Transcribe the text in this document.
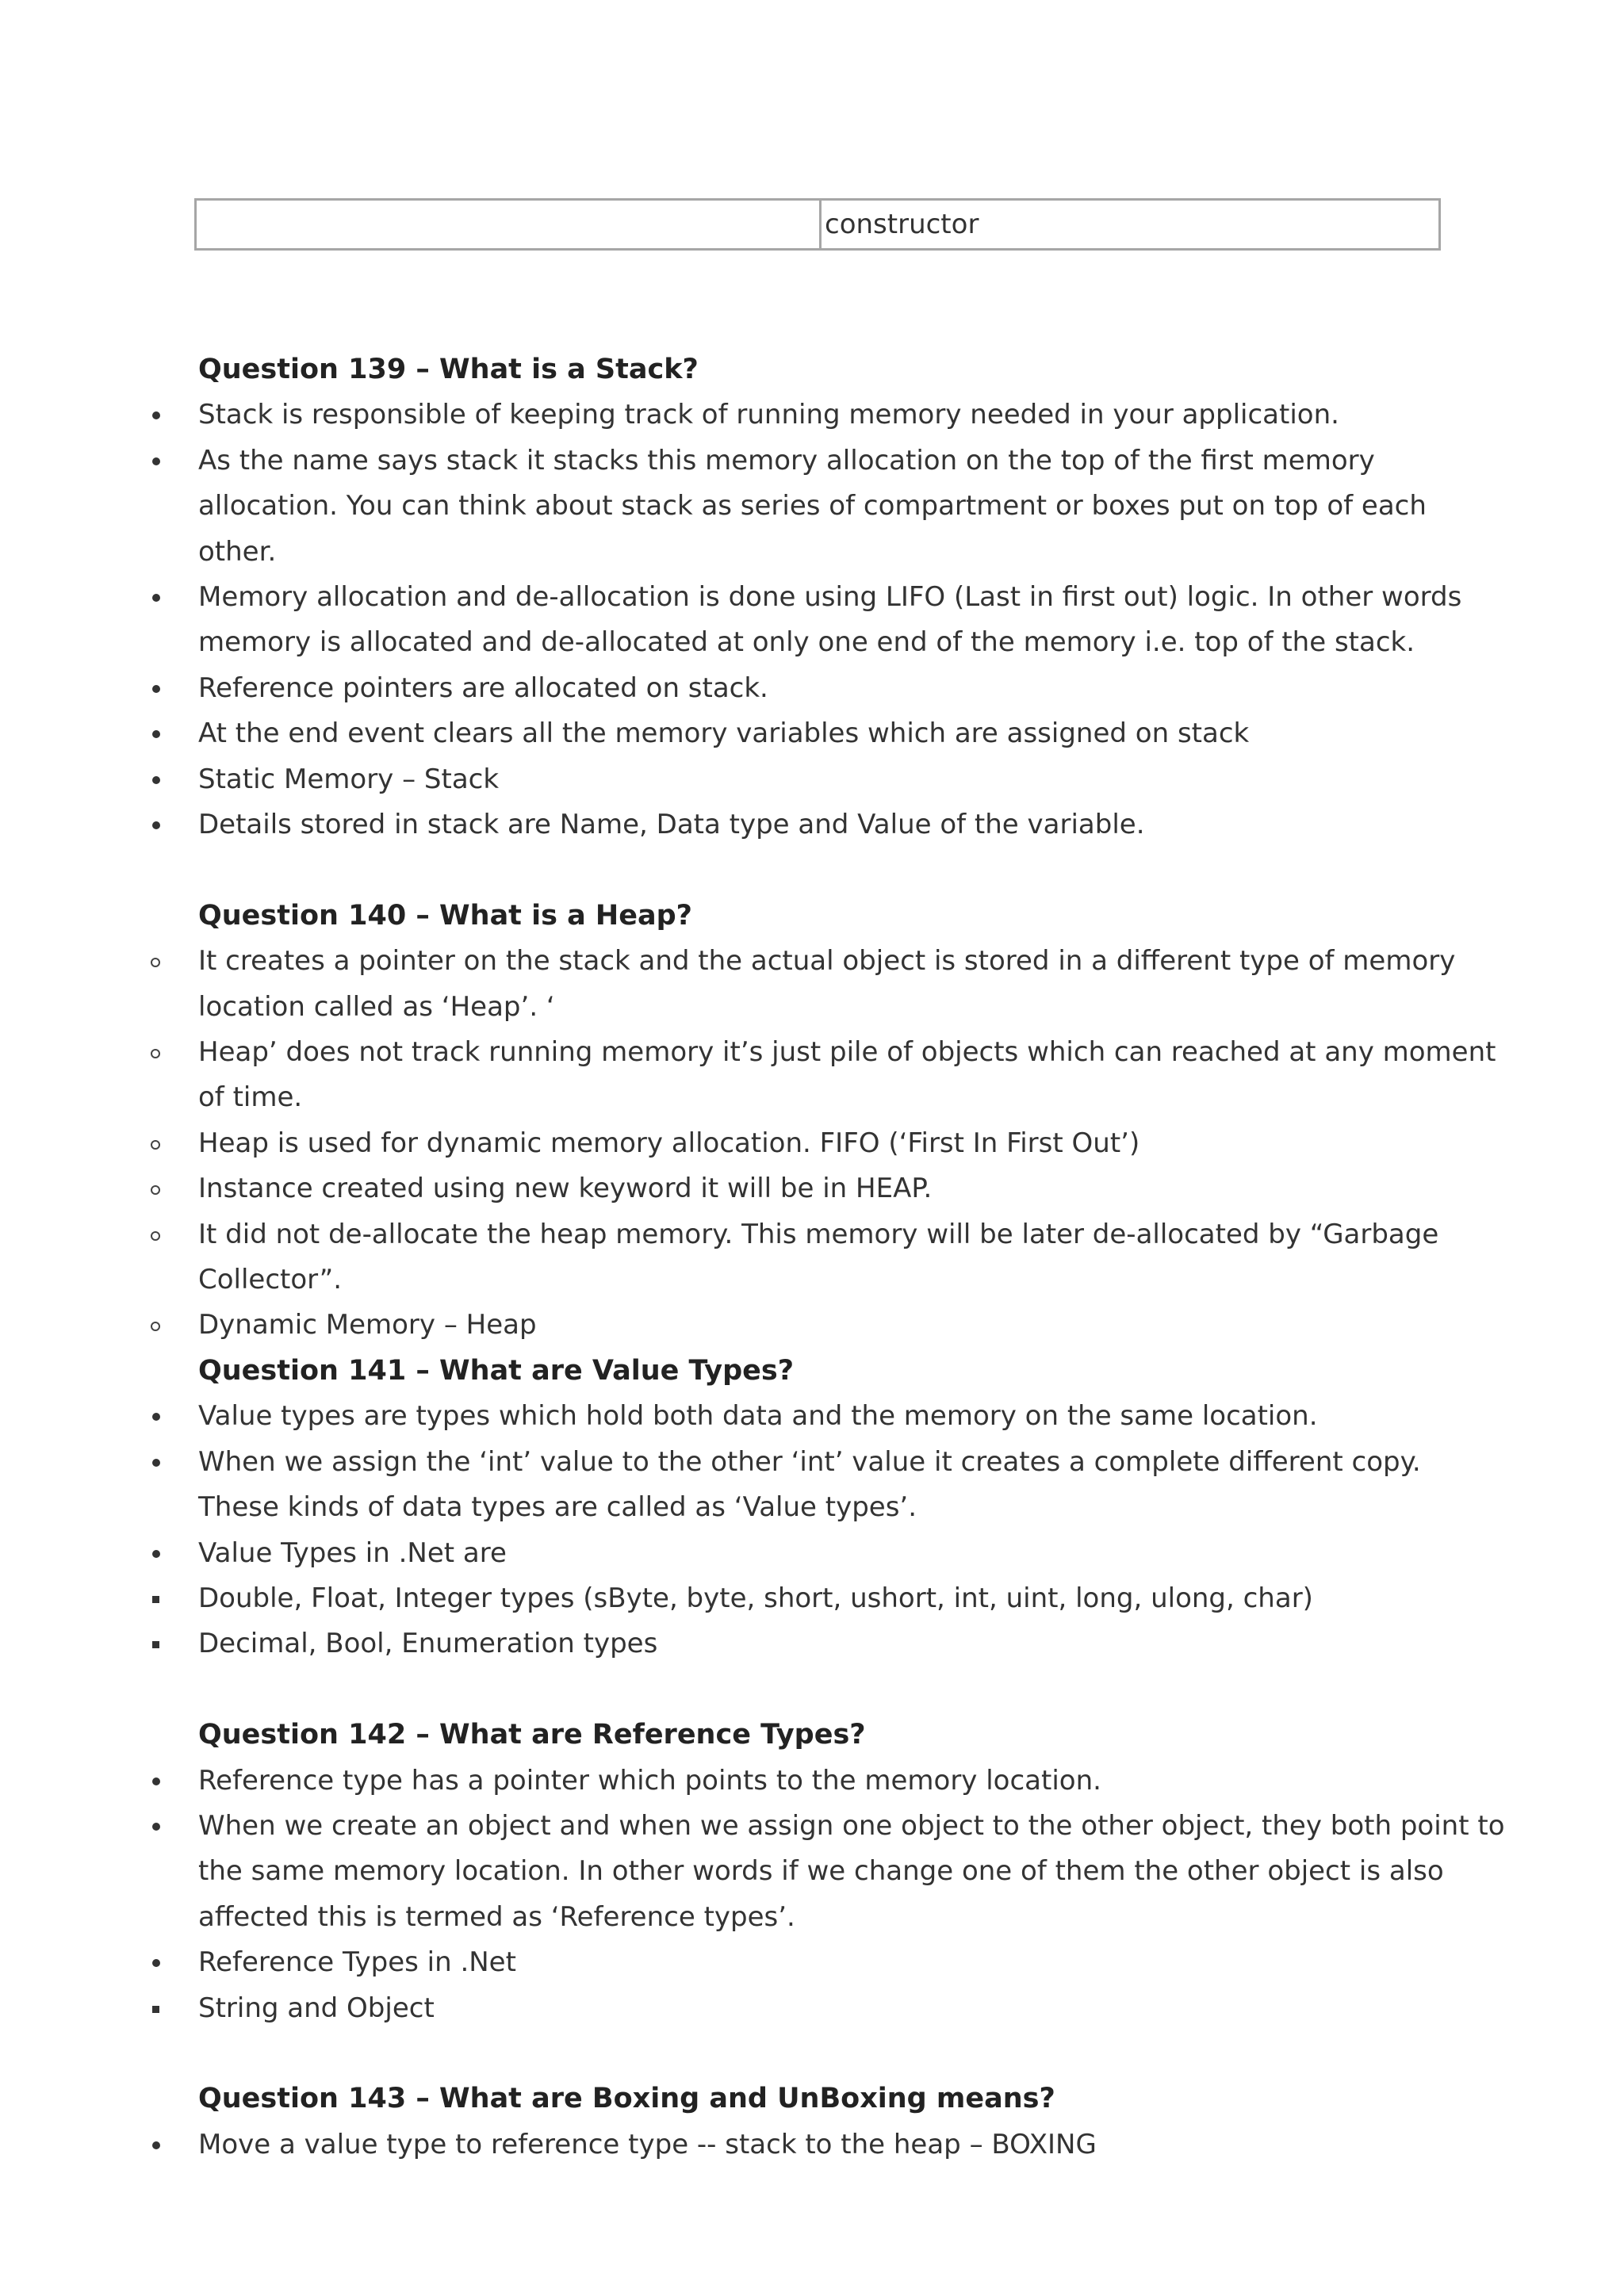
constructor
Question 139 – What is a Stack?
Stack is responsible of keeping track of running memory needed in your application.
As the name says stack it stacks this memory allocation on the top of the first memory allocation. You can think about stack as series of compartment or boxes put on top of each other.
Memory allocation and de-allocation is done using LIFO (Last in first out) logic. In other words memory is allocated and de-allocated at only one end of the memory i.e. top of the stack.
Reference pointers are allocated on stack.
At the end event clears all the memory variables which are assigned on stack
Static Memory – Stack
Details stored in stack are Name, Data type and Value of the variable.
Question 140 – What is a Heap?
It creates a pointer on the stack and the actual object is stored in a different type of memory location called as ‘Heap’. ‘
Heap’ does not track running memory it’s just pile of objects which can reached at any moment of time.
Heap is used for dynamic memory allocation. FIFO (‘First In First Out’)
Instance created using new keyword it will be in HEAP.
It did not de-allocate the heap memory. This memory will be later de-allocated by “Garbage Collector”.
Dynamic Memory – Heap
Question 141 – What are Value Types?
Value types are types which hold both data and the memory on the same location.
When we assign the ‘int’ value to the other ‘int’ value it creates a complete different copy. These kinds of data types are called as ‘Value types’.
Value Types in .Net are
Double, Float, Integer types (sByte, byte, short, ushort, int, uint, long, ulong, char)
Decimal, Bool, Enumeration types
Question 142 – What are Reference Types?
Reference type has a pointer which points to the memory location.
When we create an object and when we assign one object to the other object, they both point to the same memory location. In other words if we change one of them the other object is also affected this is termed as ‘Reference types’.
Reference Types in .Net
String and Object
Question 143 – What are Boxing and UnBoxing means?
Move a value type to reference type -- stack to the heap – BOXING
